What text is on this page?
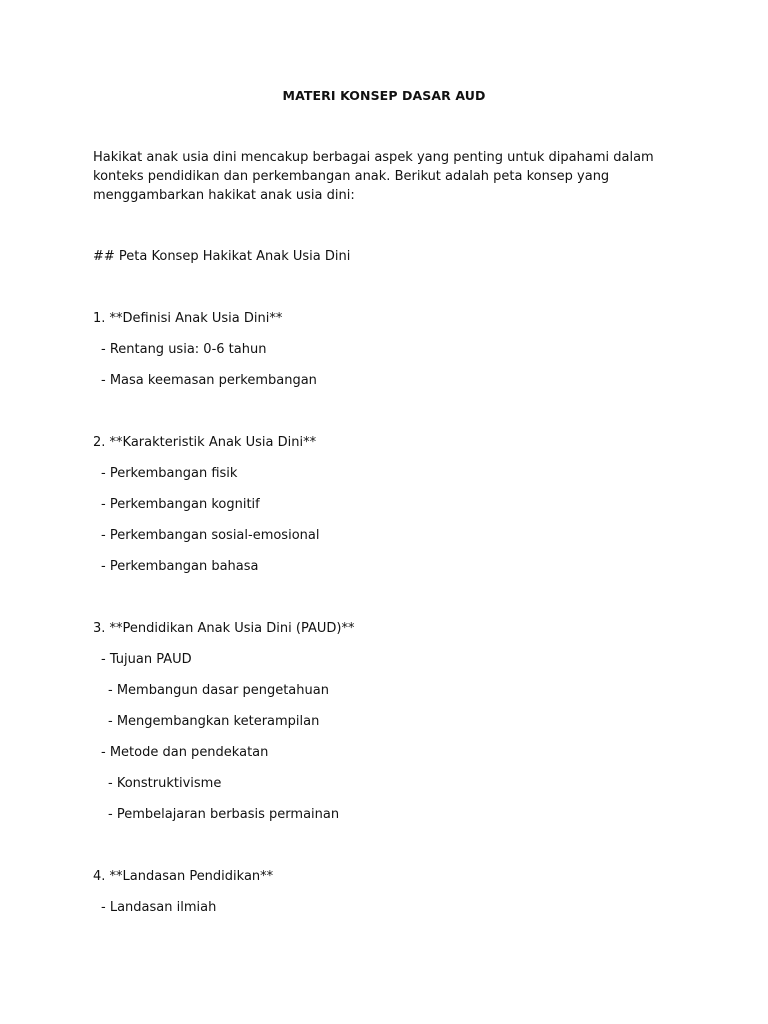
MATERI KONSEP DASAR AUD
Hakikat anak usia dini mencakup berbagai aspek yang penting untuk dipahami dalam konteks pendidikan dan perkembangan anak. Berikut adalah peta konsep yang menggambarkan hakikat anak usia dini:
## Peta Konsep Hakikat Anak Usia Dini
1. **Definisi Anak Usia Dini**
- Rentang usia: 0-6 tahun
- Masa keemasan perkembangan
2. **Karakteristik Anak Usia Dini**
- Perkembangan fisik
- Perkembangan kognitif
- Perkembangan sosial-emosional
- Perkembangan bahasa
3. **Pendidikan Anak Usia Dini (PAUD)**
- Tujuan PAUD
- Membangun dasar pengetahuan
- Mengembangkan keterampilan
- Metode dan pendekatan
- Konstruktivisme
- Pembelajaran berbasis permainan
4. **Landasan Pendidikan**
- Landasan ilmiah
